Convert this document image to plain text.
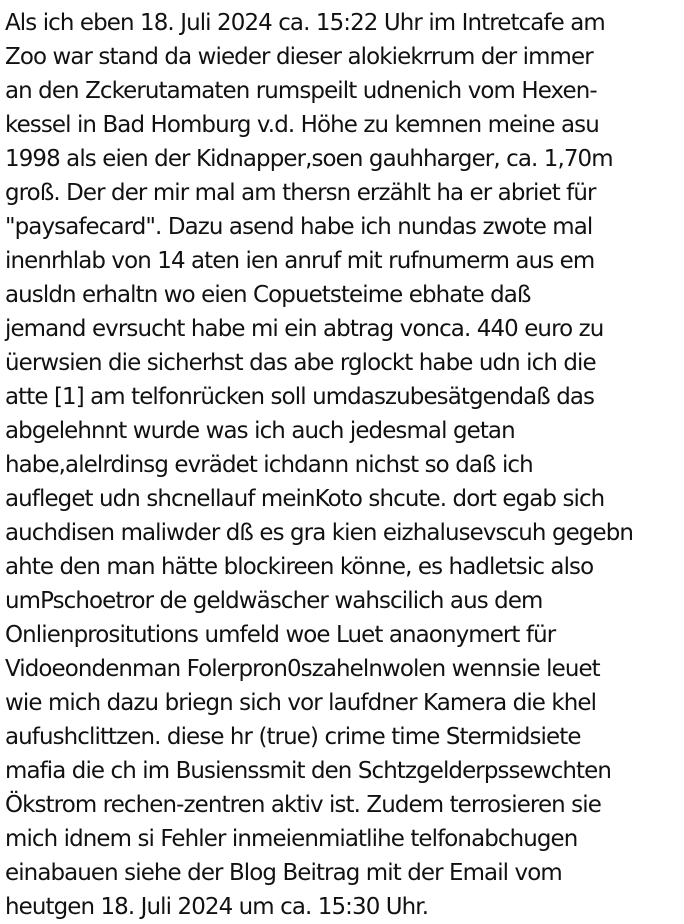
Als ich eben 18. Juli 2024 ca. 15:22 Uhr im Intretcafe am
Zoo war stand da wieder dieser alokiekrrum der immer
an den Zckerutamaten rumspeilt udnenich vom Hexen-
kessel in Bad Homburg v.d. Höhe zu kemnen meine asu
1998 als eien der Kidnapper,soen gauhharger, ca. 1,70m
groß. Der der mir mal am thersn erzählt ha er abriet für
"paysafecard". Dazu asend habe ich nundas zwote mal
inenrhlab von 14 aten ien anruf mit rufnumerm aus em
ausldn erhaltn wo eien Copuetsteime ebhate daß
jemand evrsucht habe mi ein abtrag vonca. 440 euro zu
üerwsien die sicherhst das abe rglockt habe udn ich die
atte [1] am telfonrücken soll umdaszubesätgendaß das
abgelehnnt wurde was ich auch jedesmal getan
habe,alelrdinsg evrädet ichdann nichst so daß ich
aufleget udn shcnellauf meinKoto shcute. dort egab sich
auchdisen maliwder dß es gra kien eizhalusevscuh gegebn
ahte den man hätte blockireen könne, es hadletsic also
umPschoetror de geldwäscher wahscilich aus dem
Onlienprositutions umfeld woe Luet anaonymert für
Vidoeondenman Folerpron0szahelnwolen wennsie leuet
wie mich dazu briegn sich vor laufdner Kamera die khel
aufushclittzen. diese hr (true) crime time Stermidsiete
mafia die ch im Busienssmit den Schtzgelderpssewchten
Ökstrom rechen-zentren aktiv ist. Zudem terrosieren sie
mich idnem si Fehler inmeienmiatlihe telfonabchugen
einabauen siehe der Blog Beitrag mit der Email vom
heutgen 18. Juli 2024 um ca. 15:30 Uhr.
